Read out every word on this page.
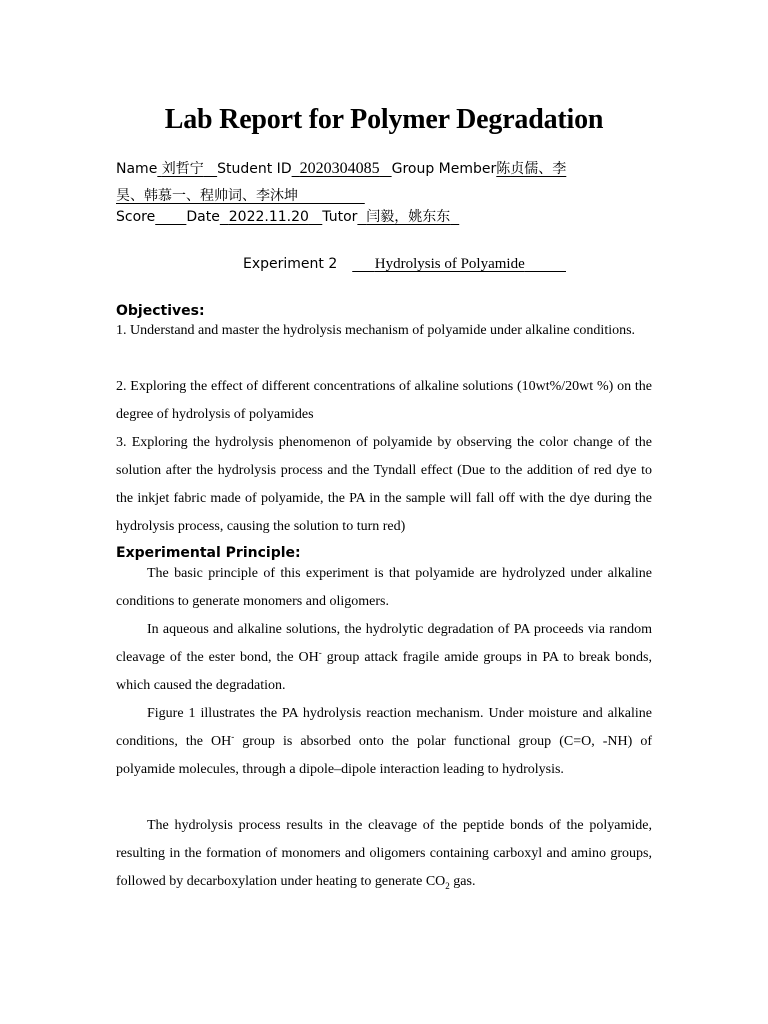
Lab Report for Polymer Degradation
Name 刘哲宁 Student ID 2020304085 Group Member陈贞儒、李
昊、韩慕一、程帅词、李沐坤
Score Date 2022.11.20 Tutor 闫毅，姚东东
Experiment 2	Hydrolysis of Polyamide
Objectives:

1. Understand and master the hydrolysis mechanism of polyamide under alkaline conditions.

2. Exploring the effect of different concentrations of alkaline solutions (10wt%/20wt %) on the degree of hydrolysis of polyamides

3. Exploring the hydrolysis phenomenon of polyamide by observing the color change of the solution after the hydrolysis process and the Tyndall effect (Due to the addition of red dye to the inkjet fabric made of polyamide, the PA in the sample will fall off with the dye during the hydrolysis process, causing the solution to turn red)

Experimental Principle:

The basic principle of this experiment is that polyamide are hydrolyzed under alkaline conditions to generate monomers and oligomers.

In aqueous and alkaline solutions, the hydrolytic degradation of PA proceeds via random cleavage of the ester bond, the OH- group attack fragile amide groups in PA to break bonds, which caused the degradation.

Figure 1 illustrates the PA hydrolysis reaction mechanism. Under moisture and alkaline conditions, the OH- group is absorbed onto the polar functional group (C=O, -NH) of polyamide molecules, through a dipole–dipole interaction leading to hydrolysis.

The hydrolysis process results in the cleavage of the peptide bonds of the polyamide, resulting in the formation of monomers and oligomers containing carboxyl and amino groups, followed by decarboxylation under heating to generate $CO_2$ gas.
